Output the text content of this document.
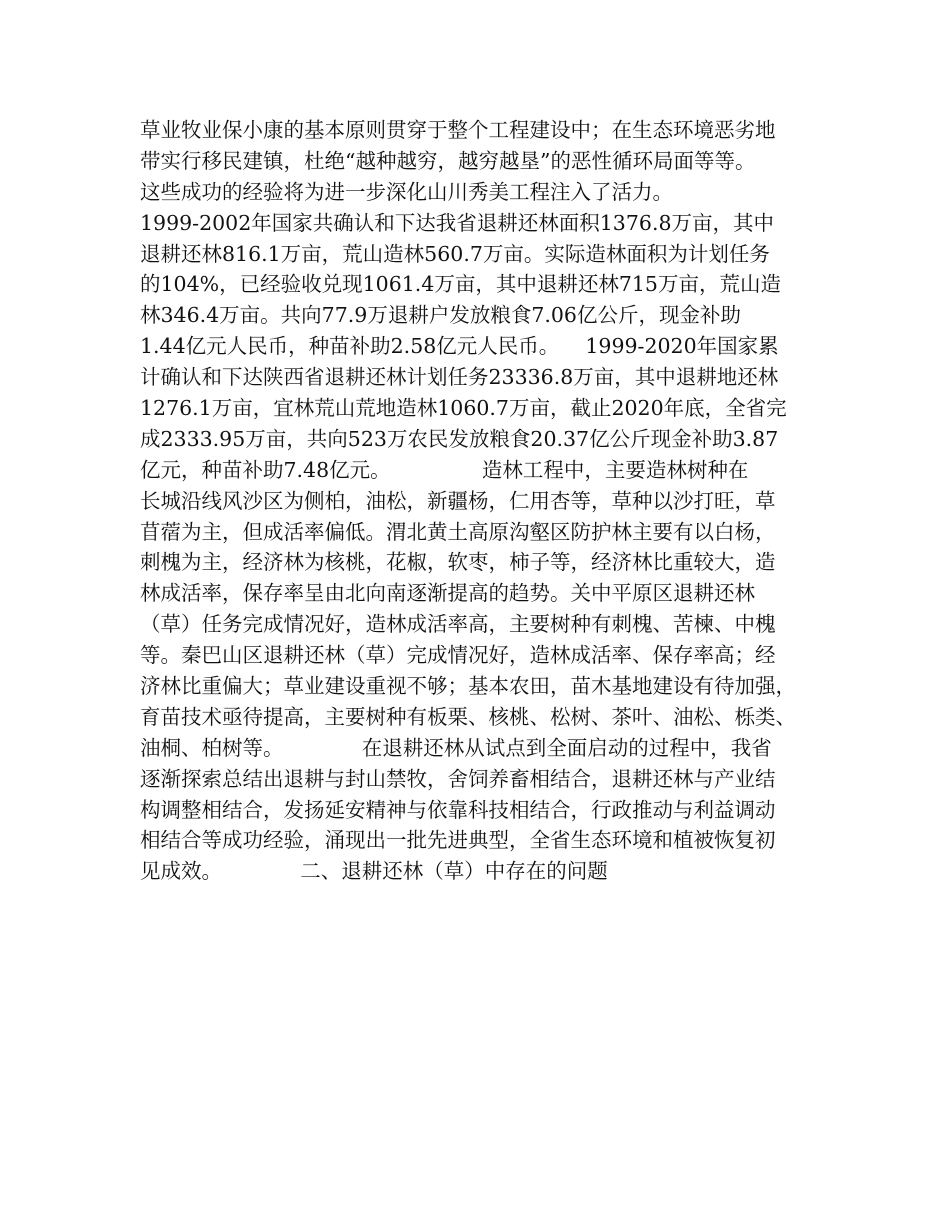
草业牧业保小康的基本原则贯穿于整个工程建设中；在生态环境恶劣地
带实行移民建镇，杜绝“越种越穷，越穷越垦”的恶性循环局面等等。
这些成功的经验将为进一步深化山川秀美工程注入了活力。
1999-2002年国家共确认和下达我省退耕还林面积1376.8万亩，其中
退耕还林816.1万亩，荒山造林560.7万亩。实际造林面积为计划任务
的104%，已经验收兑现1061.4万亩，其中退耕还林715万亩，荒山造
林346.4万亩。共向77.9万退耕户发放粮食7.06亿公斤，现金补助
1.44亿元人民币，种苗补助2.58亿元人民币。    1999-2020年国家累
计确认和下达陕西省退耕还林计划任务23336.8万亩，其中退耕地还林
1276.1万亩，宜林荒山荒地造林1060.7万亩，截止2020年底，全省完
成2333.95万亩，共向523万农民发放粮食20.37亿公斤现金补助3.87
亿元，种苗补助7.48亿元。              造林工程中，主要造林树种在
长城沿线风沙区为侧柏，油松，新疆杨，仁用杏等，草种以沙打旺，草
苜蓿为主，但成活率偏低。渭北黄土高原沟壑区防护林主要有以白杨，
刺槐为主，经济林为核桃，花椒，软枣，柿子等，经济林比重较大，造
林成活率，保存率呈由北向南逐渐提高的趋势。关中平原区退耕还林
（草）任务完成情况好，造林成活率高，主要树种有刺槐、苦楝、中槐
等。秦巴山区退耕还林（草）完成情况好，造林成活率、保存率高；经
济林比重偏大；草业建设重视不够；基本农田，苗木基地建设有待加强，
育苗技术亟待提高，主要树种有板栗、核桃、松树、茶叶、油松、栎类、
油桐、柏树等。            在退耕还林从试点到全面启动的过程中，我省
逐渐探索总结出退耕与封山禁牧，舍饲养畜相结合，退耕还林与产业结
构调整相结合，发扬延安精神与依靠科技相结合，行政推动与利益调动
相结合等成功经验，涌现出一批先进典型，全省生态环境和植被恢复初
见成效。            二、退耕还林（草）中存在的问题
